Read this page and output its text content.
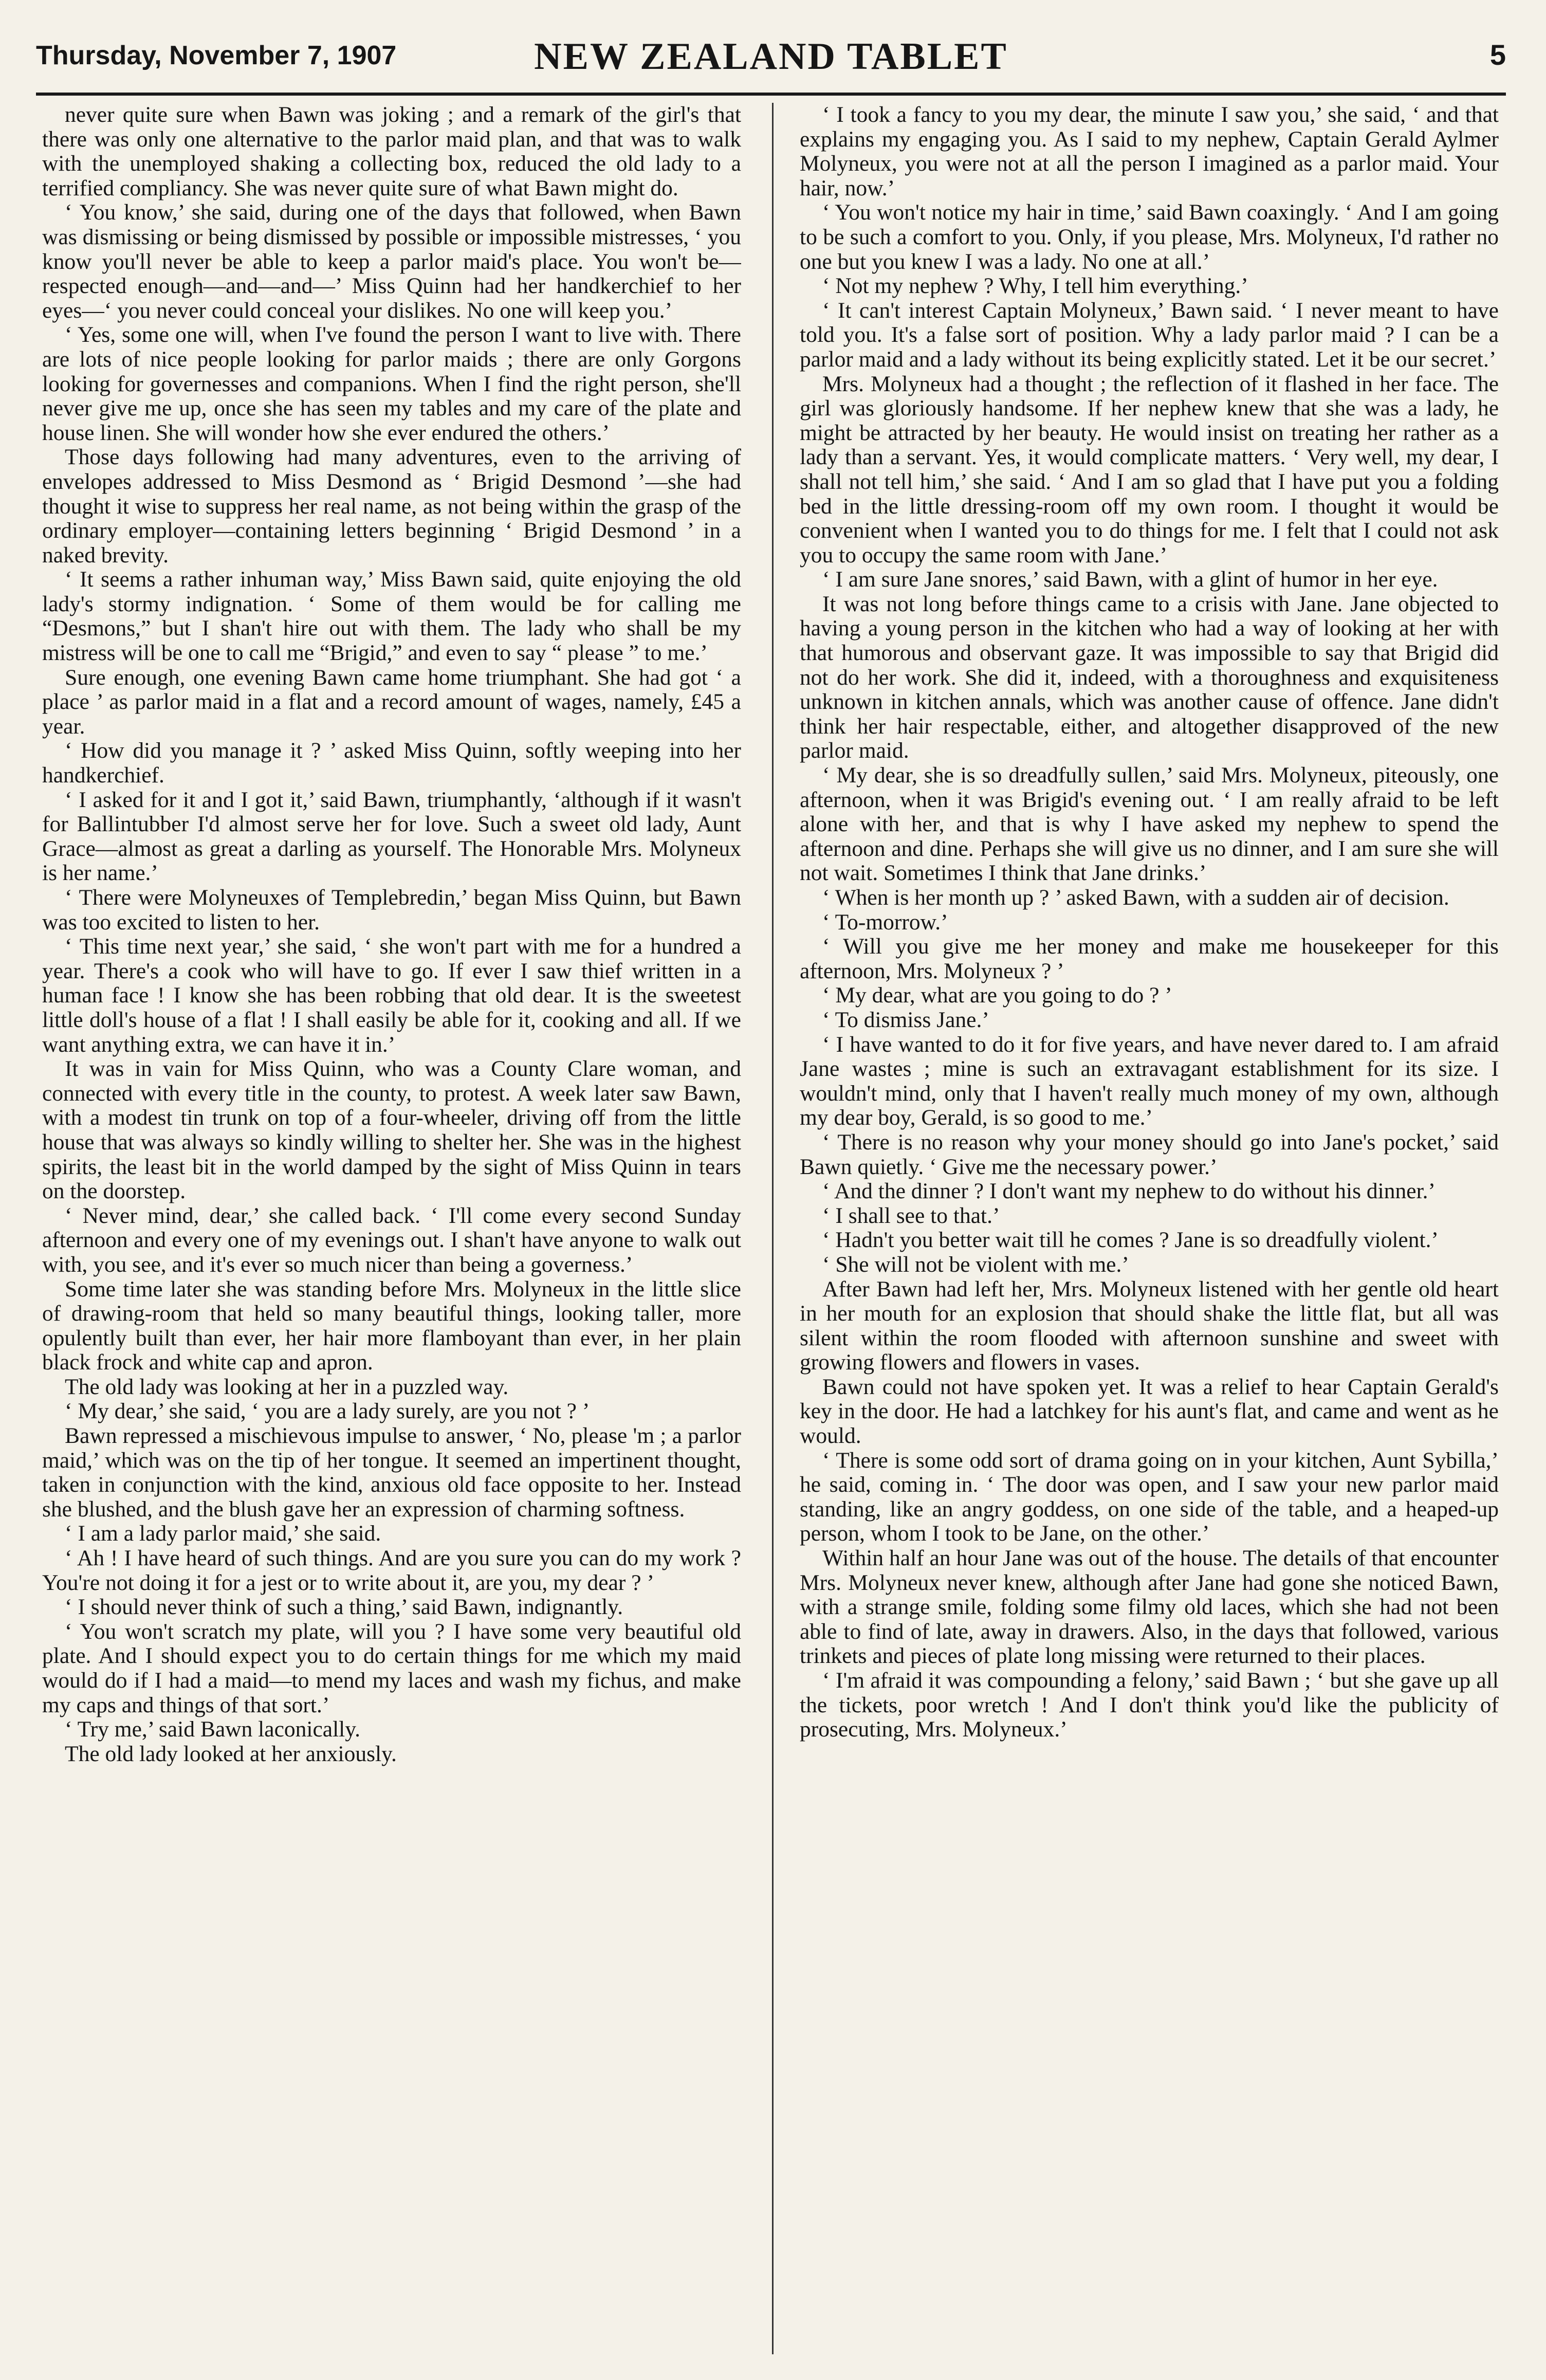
Thursday, November 7, 1907	NEW ZEALAND TABLET	5

never quite sure when Bawn was joking ; and a remark of the girl's that there was only one alternative to the parlor maid plan, and that was to walk with the unemployed shaking a collecting box, reduced the old lady to a terrified compliancy. She was never quite sure of what Bawn might do.

‘ You know,’ she said, during one of the days that followed, when Bawn was dismissing or being dismissed by possible or impossible mistresses, ‘ you know you'll never be able to keep a parlor maid's place. You won't be—respected enough—and—and—’ Miss Quinn had her handkerchief to her eyes—‘ you never could conceal your dislikes. No one will keep you.’

‘ Yes, some one will, when I've found the person I want to live with. There are lots of nice people looking for parlor maids ; there are only Gorgons looking for governesses and companions. When I find the right person, she'll never give me up, once she has seen my tables and my care of the plate and house linen. She will wonder how she ever endured the others.’

Those days following had many adventures, even to the arriving of envelopes addressed to Miss Desmond as ‘ Brigid Desmond ’—she had thought it wise to suppress her real name, as not being within the grasp of the ordinary employer—containing letters beginning ‘ Brigid Desmond ’ in a naked brevity.

‘ It seems a rather inhuman way,’ Miss Bawn said, quite enjoying the old lady's stormy indignation. ‘ Some of them would be for calling me “Desmons,” but I shan't hire out with them. The lady who shall be my mistress will be one to call me “Brigid,” and even to say “ please ” to me.’

Sure enough, one evening Bawn came home triumphant. She had got ‘ a place ’ as parlor maid in a flat and a record amount of wages, namely, £45 a year.

‘ How did you manage it ? ’ asked Miss Quinn, softly weeping into her handkerchief.

‘ I asked for it and I got it,’ said Bawn, triumphantly, ‘although if it wasn't for Ballintubber I'd almost serve her for love. Such a sweet old lady, Aunt Grace—almost as great a darling as yourself. The Honorable Mrs. Molyneux is her name.’

‘ There were Molyneuxes of Templebredin,’ began Miss Quinn, but Bawn was too excited to listen to her.

‘ This time next year,’ she said, ‘ she won't part with me for a hundred a year. There's a cook who will have to go. If ever I saw thief written in a human face ! I know she has been robbing that old dear. It is the sweetest little doll's house of a flat ! I shall easily be able for it, cooking and all. If we want anything extra, we can have it in.’

It was in vain for Miss Quinn, who was a County Clare woman, and connected with every title in the county, to protest. A week later saw Bawn, with a modest tin trunk on top of a four-wheeler, driving off from the little house that was always so kindly willing to shelter her. She was in the highest spirits, the least bit in the world damped by the sight of Miss Quinn in tears on the doorstep.

‘ Never mind, dear,’ she called back. ‘ I'll come every second Sunday afternoon and every one of my evenings out. I shan't have anyone to walk out with, you see, and it's ever so much nicer than being a governess.’

Some time later she was standing before Mrs. Molyneux in the little slice of drawing-room that held so many beautiful things, looking taller, more opulently built than ever, her hair more flamboyant than ever, in her plain black frock and white cap and apron.

The old lady was looking at her in a puzzled way.

‘ My dear,’ she said, ‘ you are a lady surely, are you not ? ’

Bawn repressed a mischievous impulse to answer, ‘ No, please 'm ; a parlor maid,’ which was on the tip of her tongue. It seemed an impertinent thought, taken in conjunction with the kind, anxious old face opposite to her. Instead she blushed, and the blush gave her an expression of charming softness.

‘ I am a lady parlor maid,’ she said.

‘ Ah ! I have heard of such things. And are you sure you can do my work ? You're not doing it for a jest or to write about it, are you, my dear ? ’

‘ I should never think of such a thing,’ said Bawn, indignantly.

‘ You won't scratch my plate, will you ? I have some very beautiful old plate. And I should expect you to do certain things for me which my maid would do if I had a maid—to mend my laces and wash my fichus, and make my caps and things of that sort.’

‘ Try me,’ said Bawn laconically.

The old lady looked at her anxiously.

‘ I took a fancy to you my dear, the minute I saw you,’ she said, ‘ and that explains my engaging you. As I said to my nephew, Captain Gerald Aylmer Molyneux, you were not at all the person I imagined as a parlor maid. Your hair, now.’

‘ You won't notice my hair in time,’ said Bawn coaxingly. ‘ And I am going to be such a comfort to you. Only, if you please, Mrs. Molyneux, I'd rather no one but you knew I was a lady. No one at all.’

‘ Not my nephew ? Why, I tell him everything.’

‘ It can't interest Captain Molyneux,’ Bawn said. ‘ I never meant to have told you. It's a false sort of position. Why a lady parlor maid ? I can be a parlor maid and a lady without its being explicitly stated. Let it be our secret.’

Mrs. Molyneux had a thought ; the reflection of it flashed in her face. The girl was gloriously handsome. If her nephew knew that she was a lady, he might be attracted by her beauty. He would insist on treating her rather as a lady than a servant. Yes, it would complicate matters. ‘ Very well, my dear, I shall not tell him,’ she said. ‘ And I am so glad that I have put you a folding bed in the little dressing-room off my own room. I thought it would be convenient when I wanted you to do things for me. I felt that I could not ask you to occupy the same room with Jane.’

‘ I am sure Jane snores,’ said Bawn, with a glint of humor in her eye.

It was not long before things came to a crisis with Jane. Jane objected to having a young person in the kitchen who had a way of looking at her with that humorous and observant gaze. It was impossible to say that Brigid did not do her work. She did it, indeed, with a thoroughness and exquisiteness unknown in kitchen annals, which was another cause of offence. Jane didn't think her hair respectable, either, and altogether disapproved of the new parlor maid.

‘ My dear, she is so dreadfully sullen,’ said Mrs. Molyneux, piteously, one afternoon, when it was Brigid's evening out. ‘ I am really afraid to be left alone with her, and that is why I have asked my nephew to spend the afternoon and dine. Perhaps she will give us no dinner, and I am sure she will not wait. Sometimes I think that Jane drinks.’

‘ When is her month up ? ’ asked Bawn, with a sudden air of decision.

‘ To-morrow.’

‘ Will you give me her money and make me housekeeper for this afternoon, Mrs. Molyneux ? ’

‘ My dear, what are you going to do ? ’

‘ To dismiss Jane.’

‘ I have wanted to do it for five years, and have never dared to. I am afraid Jane wastes ; mine is such an extravagant establishment for its size. I wouldn't mind, only that I haven't really much money of my own, although my dear boy, Gerald, is so good to me.’

‘ There is no reason why your money should go into Jane's pocket,’ said Bawn quietly. ‘ Give me the necessary power.’

‘ And the dinner ? I don't want my nephew to do without his dinner.’

‘ I shall see to that.’

‘ Hadn't you better wait till he comes ? Jane is so dreadfully violent.’

‘ She will not be violent with me.’

After Bawn had left her, Mrs. Molyneux listened with her gentle old heart in her mouth for an explosion that should shake the little flat, but all was silent within the room flooded with afternoon sunshine and sweet with growing flowers and flowers in vases.

Bawn could not have spoken yet. It was a relief to hear Captain Gerald's key in the door. He had a latchkey for his aunt's flat, and came and went as he would.

‘ There is some odd sort of drama going on in your kitchen, Aunt Sybilla,’ he said, coming in. ‘ The door was open, and I saw your new parlor maid standing, like an angry goddess, on one side of the table, and a heaped-up person, whom I took to be Jane, on the other.’

Within half an hour Jane was out of the house. The details of that encounter Mrs. Molyneux never knew, although after Jane had gone she noticed Bawn, with a strange smile, folding some filmy old laces, which she had not been able to find of late, away in drawers. Also, in the days that followed, various trinkets and pieces of plate long missing were returned to their places.

‘ I'm afraid it was compounding a felony,’ said Bawn ; ‘ but she gave up all the tickets, poor wretch ! And I don't think you'd like the publicity of prosecuting, Mrs. Molyneux.’
